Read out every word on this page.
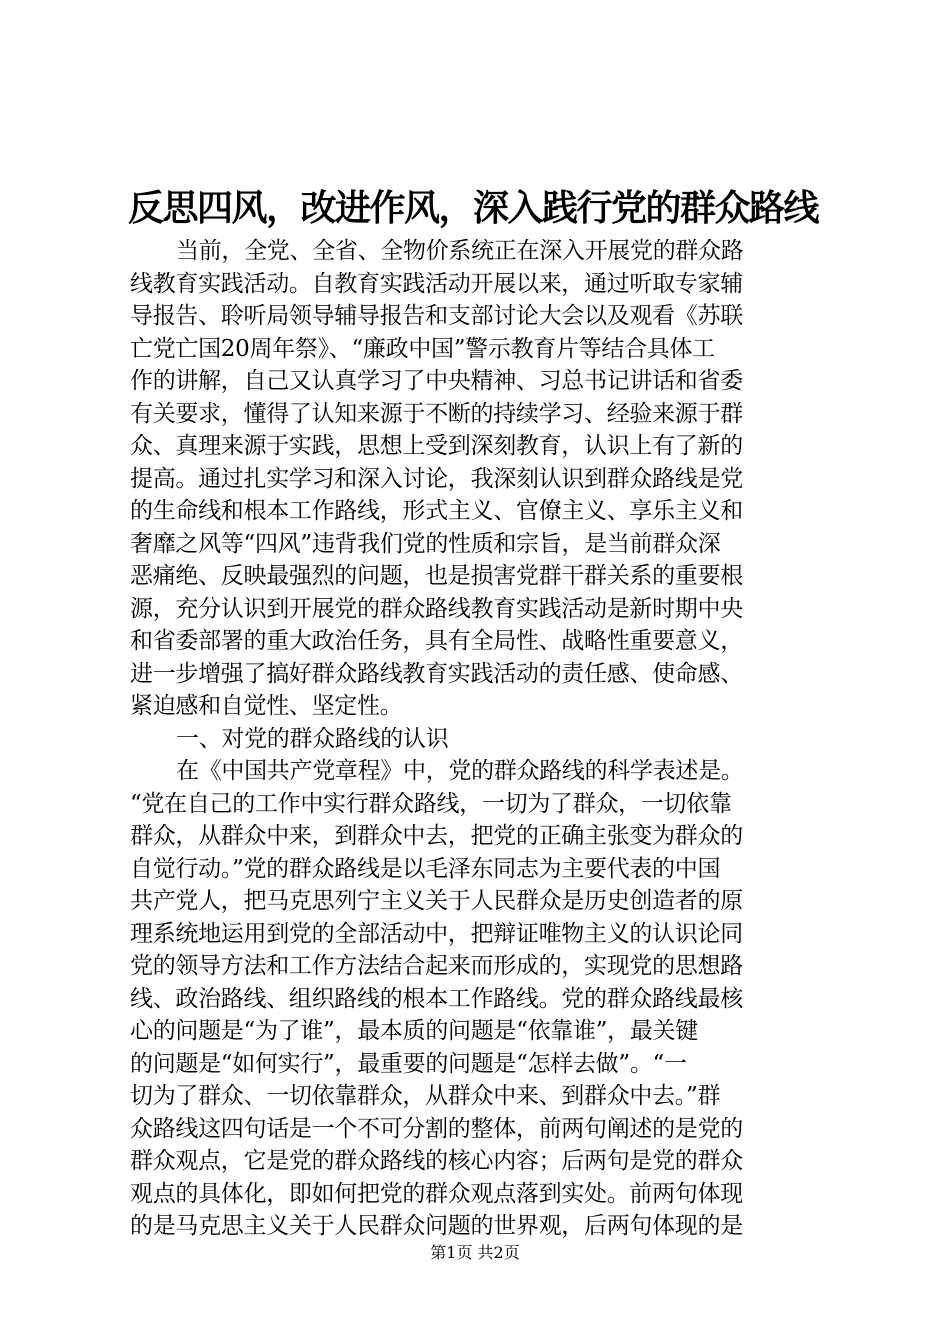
反思四风，改进作风，深入践行党的群众路线
当前，全党、全省、全物价系统正在深入开展党的群众路
线教育实践活动。自教育实践活动开展以来，通过听取专家辅
导报告、聆听局领导辅导报告和支部讨论大会以及观看《苏联
亡党亡国20周年祭》、“廉政中国”警示教育片等结合具体工
作的讲解，自己又认真学习了中央精神、习总书记讲话和省委
有关要求，懂得了认知来源于不断的持续学习、经验来源于群
众、真理来源于实践，思想上受到深刻教育，认识上有了新的
提高。通过扎实学习和深入讨论，我深刻认识到群众路线是党
的生命线和根本工作路线，形式主义、官僚主义、享乐主义和
奢靡之风等“四风”违背我们党的性质和宗旨，是当前群众深
恶痛绝、反映最强烈的问题，也是损害党群干群关系的重要根
源，充分认识到开展党的群众路线教育实践活动是新时期中央
和省委部署的重大政治任务，具有全局性、战略性重要意义，
进一步增强了搞好群众路线教育实践活动的责任感、使命感、
紧迫感和自觉性、坚定性。
一、对党的群众路线的认识
在《中国共产党章程》中，党的群众路线的科学表述是。
“党在自己的工作中实行群众路线，一切为了群众，一切依靠
群众，从群众中来，到群众中去，把党的正确主张变为群众的
自觉行动。”党的群众路线是以毛泽东同志为主要代表的中国
共产党人，把马克思列宁主义关于人民群众是历史创造者的原
理系统地运用到党的全部活动中，把辩证唯物主义的认识论同
党的领导方法和工作方法结合起来而形成的，实现党的思想路
线、政治路线、组织路线的根本工作路线。党的群众路线最核
心的问题是“为了谁”，最本质的问题是“依靠谁”，最关键
的问题是“如何实行”，最重要的问题是“怎样去做”。“一
切为了群众、一切依靠群众，从群众中来、到群众中去。”群
众路线这四句话是一个不可分割的整体，前两句阐述的是党的
群众观点，它是党的群众路线的核心内容；后两句是党的群众
观点的具体化，即如何把党的群众观点落到实处。前两句体现
的是马克思主义关于人民群众问题的世界观，后两句体现的是
第1页 共2页
